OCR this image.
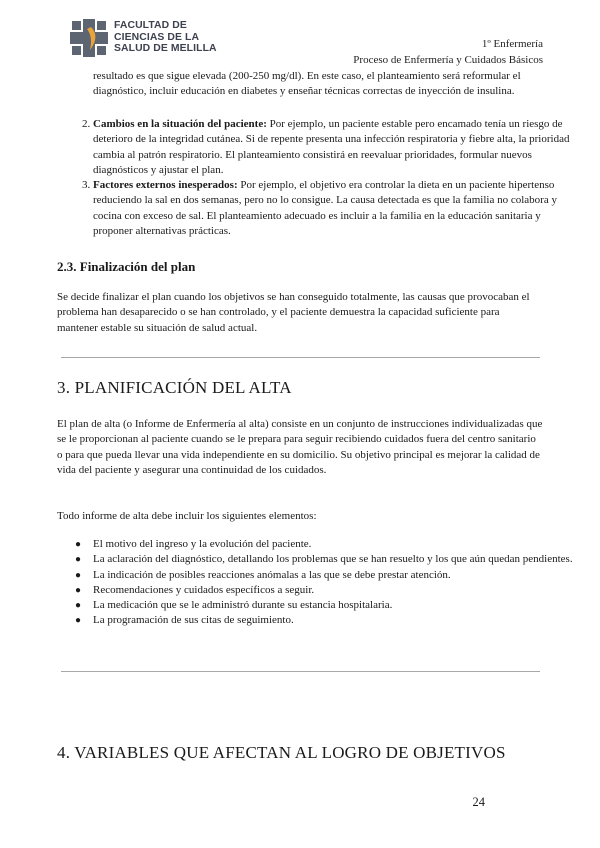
FACULTAD DE
CIENCIAS DE LA
SALUD DE MELILLA	1º Enfermería
Proceso de Enfermería y Cuidados Básicos
resultado es que sigue elevada (200-250 mg/dl). En este caso, el planteamiento será reformular el diagnóstico, incluir educación en diabetes y enseñar técnicas correctas de inyección de insulina.
2. Cambios en la situación del paciente: Por ejemplo, un paciente estable pero encamado tenía un riesgo de deterioro de la integridad cutánea. Si de repente presenta una infección respiratoria y fiebre alta, la prioridad cambia al patrón respiratorio. El planteamiento consistirá en reevaluar prioridades, formular nuevos diagnósticos y ajustar el plan.
3. Factores externos inesperados: Por ejemplo, el objetivo era controlar la dieta en un paciente hipertenso reduciendo la sal en dos semanas, pero no lo consigue. La causa detectada es que la familia no colabora y cocina con exceso de sal. El planteamiento adecuado es incluir a la familia en la educación sanitaria y proponer alternativas prácticas.
2.3. Finalización del plan
Se decide finalizar el plan cuando los objetivos se han conseguido totalmente, las causas que provocaban el problema han desaparecido o se han controlado, y el paciente demuestra la capacidad suficiente para mantener estable su situación de salud actual.
3. PLANIFICACIÓN DEL ALTA
El plan de alta (o Informe de Enfermería al alta) consiste en un conjunto de instrucciones individualizadas que se le proporcionan al paciente cuando se le prepara para seguir recibiendo cuidados fuera del centro sanitario o para que pueda llevar una vida independiente en su domicilio. Su objetivo principal es mejorar la calidad de vida del paciente y asegurar una continuidad de los cuidados.
Todo informe de alta debe incluir los siguientes elementos:
● El motivo del ingreso y la evolución del paciente.
● La aclaración del diagnóstico, detallando los problemas que se han resuelto y los que aún quedan pendientes.
● La indicación de posibles reacciones anómalas a las que se debe prestar atención.
● Recomendaciones y cuidados específicos a seguir.
● La medicación que se le administró durante su estancia hospitalaria.
● La programación de sus citas de seguimiento.
4. VARIABLES QUE AFECTAN AL LOGRO DE OBJETIVOS
24
